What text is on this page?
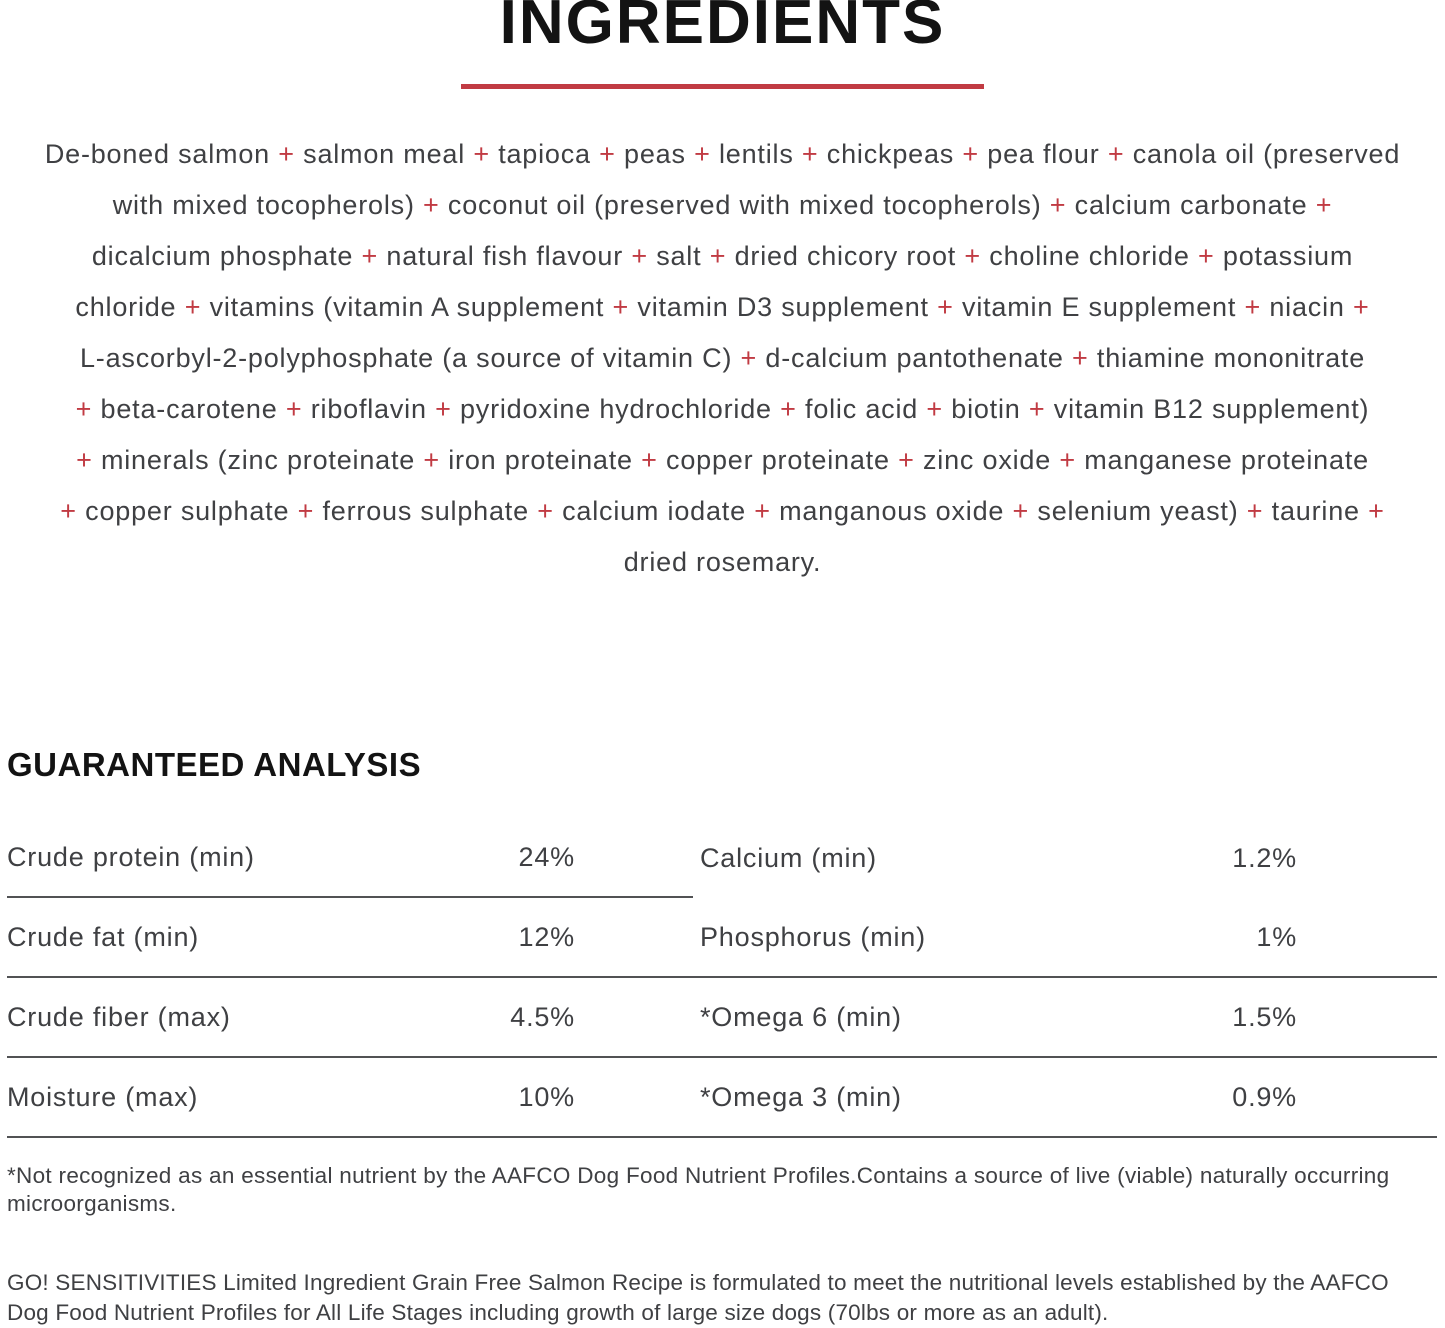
INGREDIENTS
De-boned salmon + salmon meal + tapioca + peas + lentils + chickpeas + pea flour + canola oil (preserved
with mixed tocopherols) + coconut oil (preserved with mixed tocopherols) + calcium carbonate +
dicalcium phosphate + natural fish flavour + salt + dried chicory root + choline chloride + potassium
chloride + vitamins (vitamin A supplement + vitamin D3 supplement + vitamin E supplement + niacin +
L-ascorbyl-2-polyphosphate (a source of vitamin C) + d-calcium pantothenate + thiamine mononitrate
+ beta-carotene + riboflavin + pyridoxine hydrochloride + folic acid + biotin + vitamin B12 supplement)
+ minerals (zinc proteinate + iron proteinate + copper proteinate + zinc oxide + manganese proteinate
+ copper sulphate + ferrous sulphate + calcium iodate + manganous oxide + selenium yeast) + taurine +
dried rosemary.
GUARANTEED ANALYSIS
Crude protein (min)	24%	Calcium (min)	1.2%
Crude fat (min)	12%	Phosphorus (min)	1%
Crude fiber (max)	4.5%	*Omega 6 (min)	1.5%
Moisture (max)	10%	*Omega 3 (min)	0.9%

*Not recognized as an essential nutrient by the AAFCO Dog Food Nutrient Profiles.Contains a source of live (viable) naturally occurring microorganisms.

GO! SENSITIVITIES Limited Ingredient Grain Free Salmon Recipe is formulated to meet the nutritional levels established by the AAFCO Dog Food Nutrient Profiles for All Life Stages including growth of large size dogs (70lbs or more as an adult).
